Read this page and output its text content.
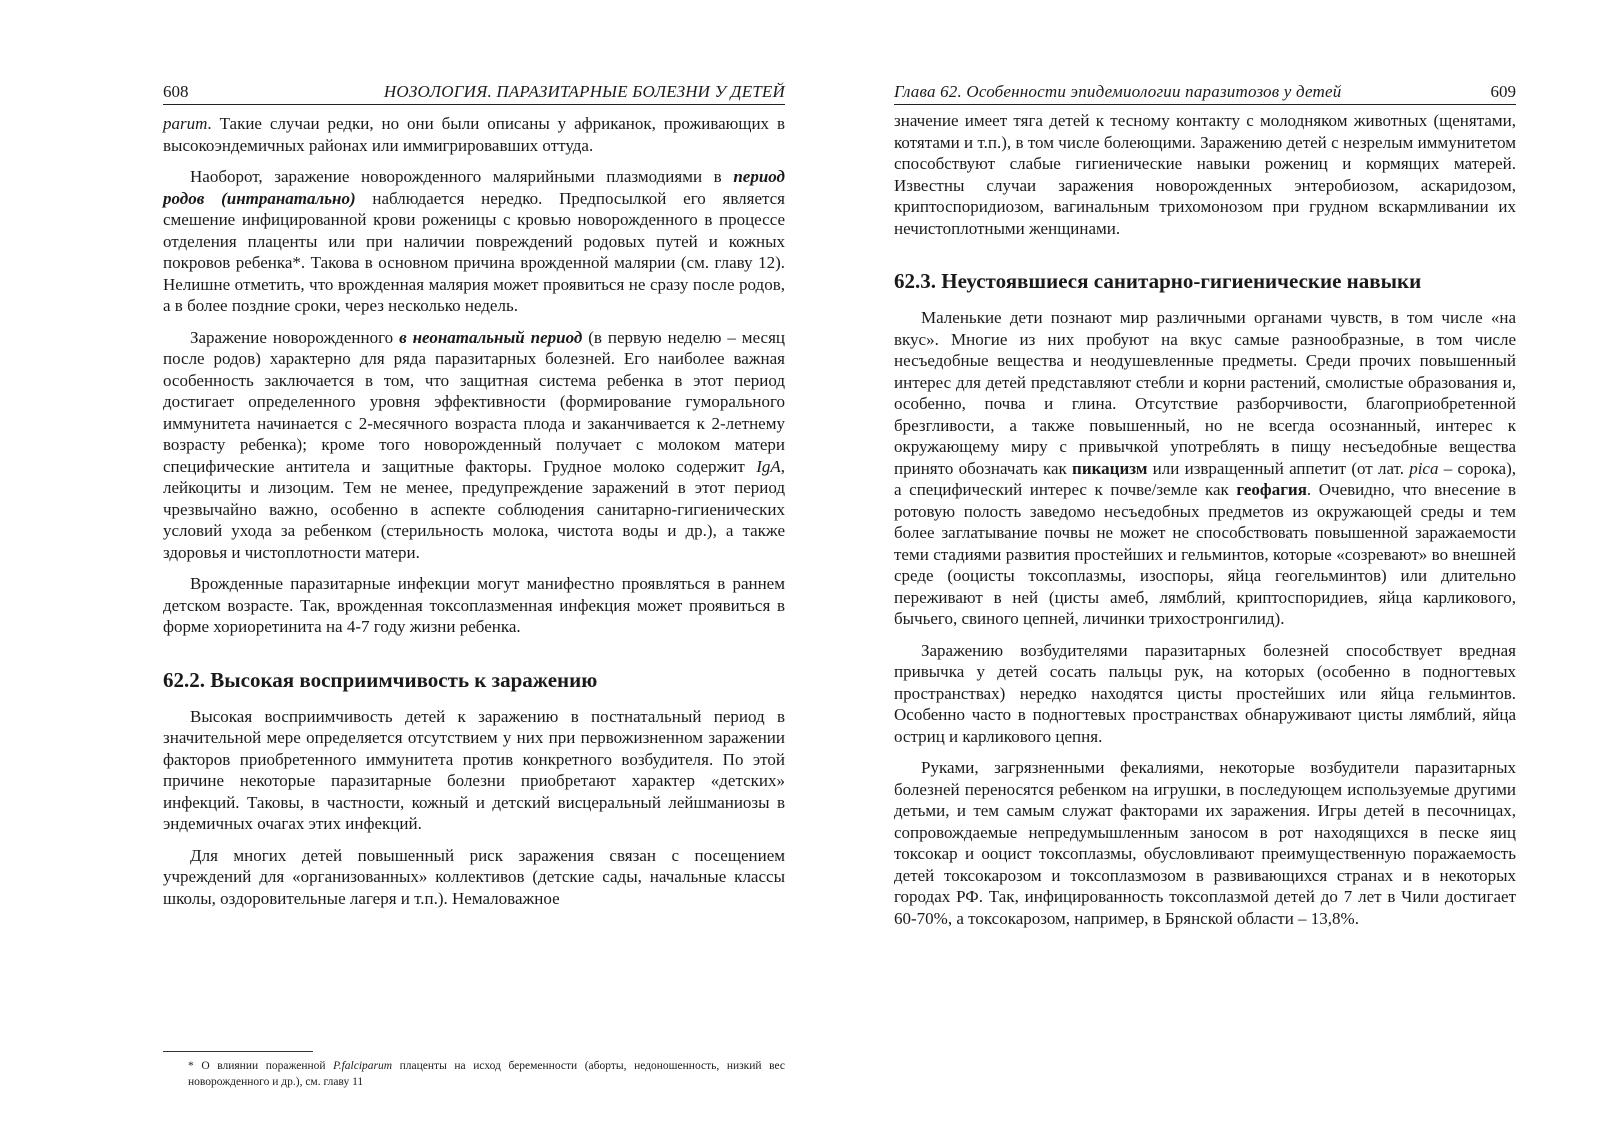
608	НОЗОЛОГИЯ. ПАРАЗИТАРНЫЕ БОЛЕЗНИ У ДЕТЕЙ

parum. Такие случаи редки, но они были описаны у африканок, проживающих в высокоэндемичных районах или иммигрировавших оттуда.

Наоборот, заражение новорожденного малярийными плазмодиями в период родов (интранатально) наблюдается нередко. Предпосылкой его является смешение инфицированной крови роженицы с кровью новорожденного в процессе отделения плаценты или при наличии повреждений родовых путей и кожных покровов ребенка*. Такова в основном причина врожденной малярии (см. главу 12). Нелишне отметить, что врожденная малярия может проявиться не сразу после родов, а в более поздние сроки, через несколько недель.

Заражение новорожденного в неонатальный период (в первую неделю – месяц после родов) характерно для ряда паразитарных болезней. Его наиболее важная особенность заключается в том, что защитная система ребенка в этот период достигает определенного уровня эффективности (формирование гуморального иммунитета начинается с 2-месячного возраста плода и заканчивается к 2-летнему возрасту ребенка); кроме того новорожденный получает с молоком матери специфические антитела и защитные факторы. Грудное молоко содержит IgA, лейкоциты и лизоцим. Тем не менее, предупреждение заражений в этот период чрезвычайно важно, особенно в аспекте соблюдения санитарно-гигиенических условий ухода за ребенком (стерильность молока, чистота воды и др.), а также здоровья и чистоплотности матери.

Врожденные паразитарные инфекции могут манифестно проявляться в раннем детском возрасте. Так, врожденная токсоплазменная инфекция может проявиться в форме хориоретинита на 4-7 году жизни ребенка.

62.2. Высокая восприимчивость к заражению

Высокая восприимчивость детей к заражению в постнатальный период в значительной мере определяется отсутствием у них при первожизненном заражении факторов приобретенного иммунитета против конкретного возбудителя. По этой причине некоторые паразитарные болезни приобретают характер «детских» инфекций. Таковы, в частности, кожный и детский висцеральный лейшманиозы в эндемичных очагах этих инфекций.

Для многих детей повышенный риск заражения связан с посещением учреждений для «организованных» коллективов (детские сады, начальные классы школы, оздоровительные лагеря и т.п.). Немаловажное

* О влиянии пораженной P.falciparum плаценты на исход беременности (аборты, недоношенность, низкий вес новорожденного и др.), см. главу 11
Глава 62. Особенности эпидемиологии паразитозов у детей	609

значение имеет тяга детей к тесному контакту с молодняком животных (щенятами, котятами и т.п.), в том числе болеющими. Заражению детей с незрелым иммунитетом способствуют слабые гигиенические навыки рожениц и кормящих матерей. Известны случаи заражения новорожденных энтеробиозом, аскаридозом, криптоспоридиозом, вагинальным трихомонозом при грудном вскармливании их нечистоплотными женщинами.

62.3. Неустоявшиеся санитарно-гигиенические навыки

Маленькие дети познают мир различными органами чувств, в том числе «на вкус». Многие из них пробуют на вкус самые разнообразные, в том числе несъедобные вещества и неодушевленные предметы. Среди прочих повышенный интерес для детей представляют стебли и корни растений, смолистые образования и, особенно, почва и глина. Отсутствие разборчивости, благоприобретенной брезгливости, а также повышенный, но не всегда осознанный, интерес к окружающему миру с привычкой употреблять в пищу несъедобные вещества принято обозначать как пикацизм или извращенный аппетит (от лат. pica – сорока), а специфический интерес к почве/земле как геофагия. Очевидно, что внесение в ротовую полость заведомо несъедобных предметов из окружающей среды и тем более заглатывание почвы не может не способствовать повышенной заражаемости теми стадиями развития простейших и гельминтов, которые «созревают» во внешней среде (ооцисты токсоплазмы, изоспоры, яйца геогельминтов) или длительно переживают в ней (цисты амеб, лямблий, криптоспоридиев, яйца карликового, бычьего, свиного цепней, личинки трихостронгилид).

Заражению возбудителями паразитарных болезней способствует вредная привычка у детей сосать пальцы рук, на которых (особенно в подногтевых пространствах) нередко находятся цисты простейших или яйца гельминтов. Особенно часто в подногтевых пространствах обнаруживают цисты лямблий, яйца остриц и карликового цепня.

Руками, загрязненными фекалиями, некоторые возбудители паразитарных болезней переносятся ребенком на игрушки, в последующем используемые другими детьми, и тем самым служат факторами их заражения. Игры детей в песочницах, сопровождаемые непредумышленным заносом в рот находящихся в песке яиц токсокар и ооцист токсоплазмы, обусловливают преимущественную поражаемость детей токсокарозом и токсоплазмозом в развивающихся странах и в некоторых городах РФ. Так, инфицированность токсоплазмой детей до 7 лет в Чили достигает 60-70%, а токсокарозом, например, в Брянской области – 13,8%.
